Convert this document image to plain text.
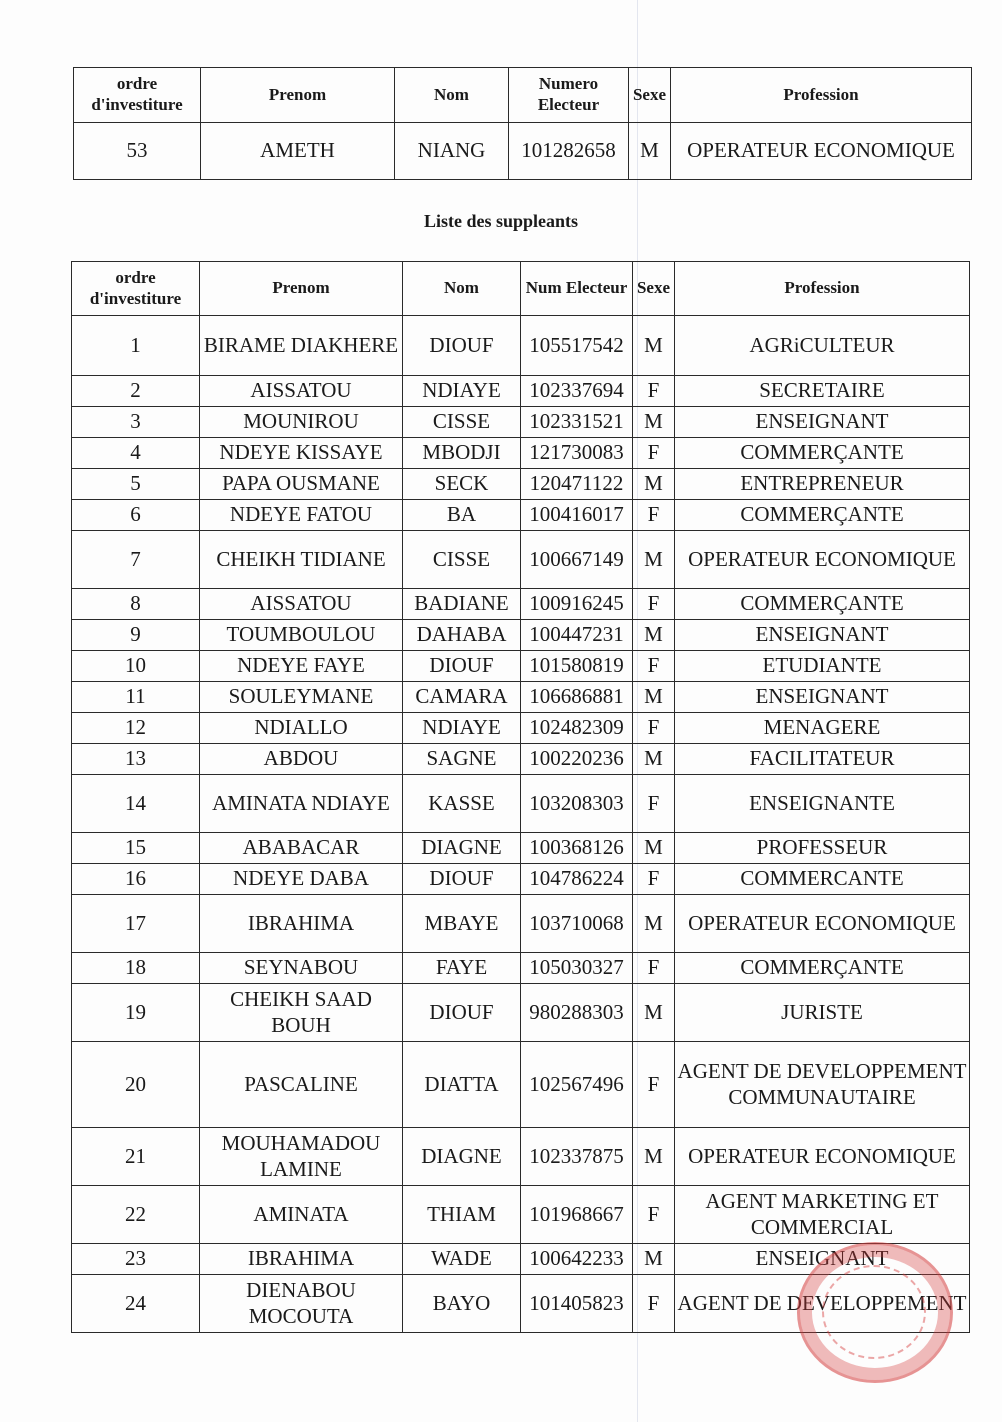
ordre d'investiture	Prenom	Nom	Numero Electeur	Sexe	Profession
53	AMETH	NIANG	101282658	M	OPERATEUR ECONOMIQUE
Liste des suppleants
ordre d'investiture	Prenom	Nom	Num Electeur	Sexe	Profession
1	BIRAME DIAKHERE	DIOUF	105517542	M	AGRiCULTEUR
2	AISSATOU	NDIAYE	102337694	F	SECRETAIRE
3	MOUNIROU	CISSE	102331521	M	ENSEIGNANT
4	NDEYE KISSAYE	MBODJI	121730083	F	COMMERÇANTE
5	PAPA OUSMANE	SECK	120471122	M	ENTREPRENEUR
6	NDEYE FATOU	BA	100416017	F	COMMERÇANTE
7	CHEIKH TIDIANE	CISSE	100667149	M	OPERATEUR ECONOMIQUE
8	AISSATOU	BADIANE	100916245	F	COMMERÇANTE
9	TOUMBOULOU	DAHABA	100447231	M	ENSEIGNANT
10	NDEYE FAYE	DIOUF	101580819	F	ETUDIANTE
11	SOULEYMANE	CAMARA	106686881	M	ENSEIGNANT
12	NDIALLO	NDIAYE	102482309	F	MENAGERE
13	ABDOU	SAGNE	100220236	M	FACILITATEUR
14	AMINATA NDIAYE	KASSE	103208303	F	ENSEIGNANTE
15	ABABACAR	DIAGNE	100368126	M	PROFESSEUR
16	NDEYE DABA	DIOUF	104786224	F	COMMERCANTE
17	IBRAHIMA	MBAYE	103710068	M	OPERATEUR ECONOMIQUE
18	SEYNABOU	FAYE	105030327	F	COMMERÇANTE
19	CHEIKH SAAD BOUH	DIOUF	980288303	M	JURISTE
20	PASCALINE	DIATTA	102567496	F	AGENT DE DEVELOPPEMENT COMMUNAUTAIRE
21	MOUHAMADOU LAMINE	DIAGNE	102337875	M	OPERATEUR ECONOMIQUE
22	AMINATA	THIAM	101968667	F	AGENT MARKETING ET COMMERCIAL
23	IBRAHIMA	WADE	100642233	M	ENSEIGNANT
24	DIENABOU MOCOUTA	BAYO	101405823	F	AGENT DE DEVELOPPEMENT
